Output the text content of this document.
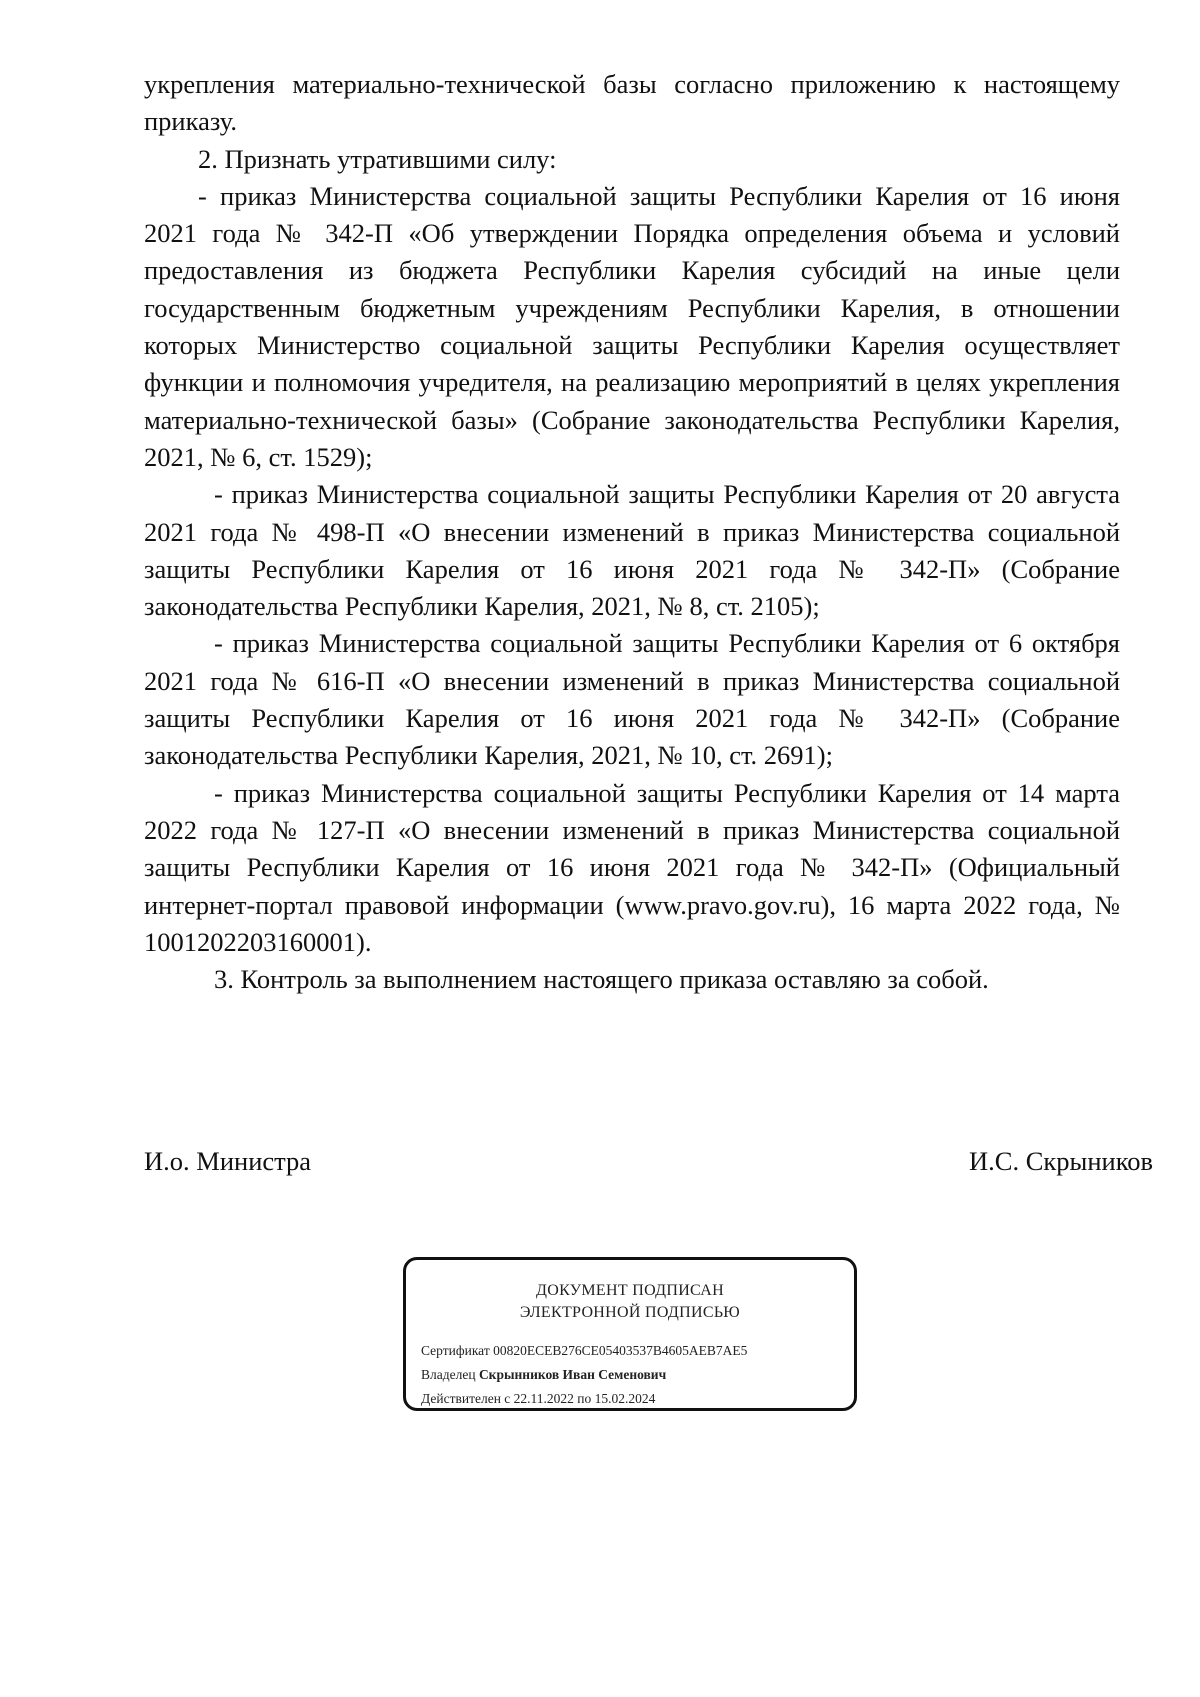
укрепления материально-технической базы согласно приложению к настоящему приказу.

2. Признать утратившими силу:

- приказ Министерства социальной защиты Республики Карелия от 16 июня 2021 года № 342-П «Об утверждении Порядка определения объема и условий предоставления из бюджета Республики Карелия субсидий на иные цели государственным бюджетным учреждениям Республики Карелия, в отношении которых Министерство социальной защиты Республики Карелия осуществляет функции и полномочия учредителя, на реализацию мероприятий в целях укрепления материально-технической базы» (Собрание законодательства Республики Карелия, 2021, № 6, ст. 1529);

- приказ Министерства социальной защиты Республики Карелия от 20 августа 2021 года № 498-П «О внесении изменений в приказ Министерства социальной защиты Республики Карелия от 16 июня 2021 года № 342-П» (Собрание законодательства Республики Карелия, 2021, № 8, ст. 2105);

- приказ Министерства социальной защиты Республики Карелия от 6 октября 2021 года № 616-П «О внесении изменений в приказ Министерства социальной защиты Республики Карелия от 16 июня 2021 года № 342-П» (Собрание законодательства Республики Карелия, 2021, № 10, ст. 2691);

- приказ Министерства социальной защиты Республики Карелия от 14 марта 2022 года № 127-П «О внесении изменений в приказ Министерства социальной защиты Республики Карелия от 16 июня 2021 года № 342-П» (Официальный интернет-портал правовой информации (www.pravo.gov.ru), 16 марта 2022 года, № 1001202203160001).

3. Контроль за выполнением настоящего приказа оставляю за собой.

И.о. Министра	И.С. Скрыников
ДОКУМЕНТ ПОДПИСАН
ЭЛЕКТРОННОЙ ПОДПИСЬЮ
Сертификат 00820ECEB276CE05403537B4605AEB7AE5
Владелец Скрынников Иван Семенович
Действителен с 22.11.2022 по 15.02.2024
